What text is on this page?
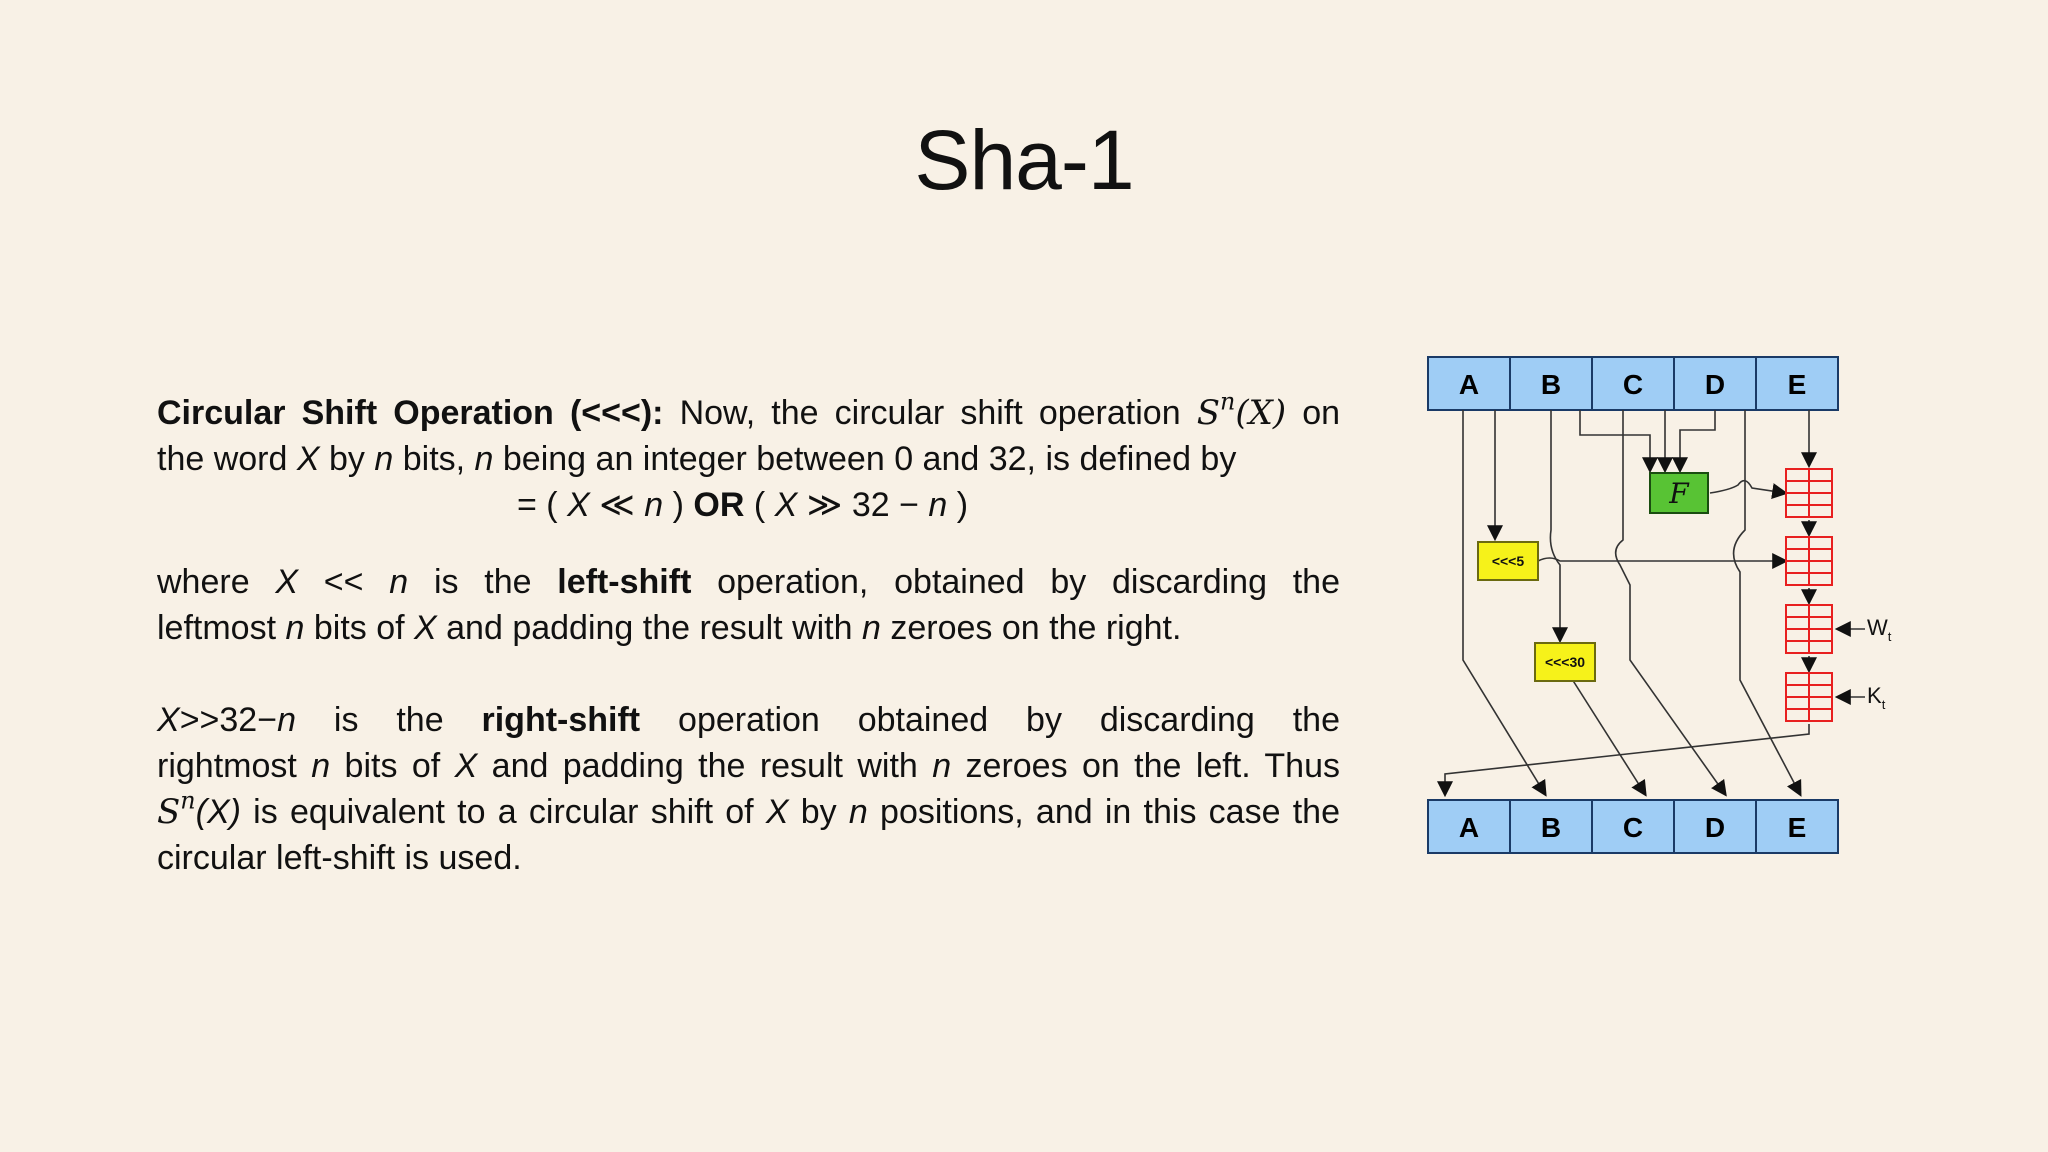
Sha-1
Circular Shift Operation (<<<): Now, the circular shift operation $S^n(X)$ on
the word X by n bits, n being an integer between 0 and 32, is defined by
= ( X ≪ n ) OR ( X ≫ 32 − n )
where X << n is the left-shift operation, obtained by discarding the
leftmost n bits of X and padding the result with n zeroes on the right.
X>>32−n is the right-shift operation obtained by discarding the
rightmost n bits of X and padding the result with n zeroes on the left. Thus
$S^n(X)$ is equivalent to a circular shift of X by n positions, and in this case the
circular left-shift is used.
A B C D E
A B C D E
F
<<<5
<<<30
$W_t$
$K_t$
